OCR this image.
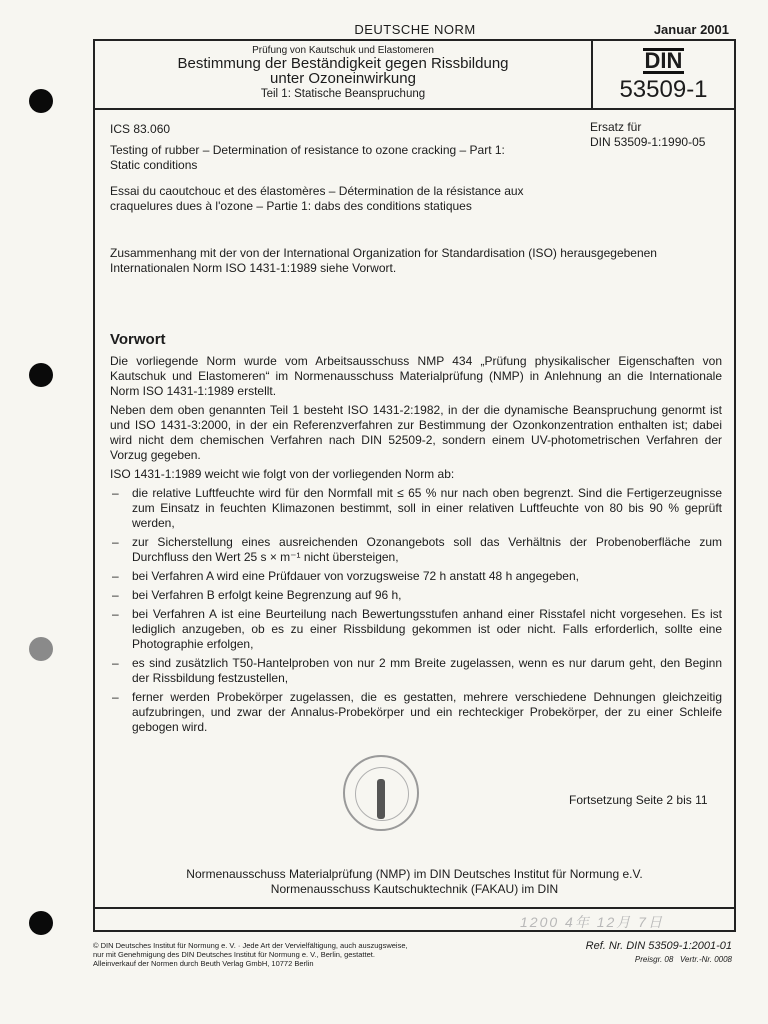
DEUTSCHE NORM	Januar 2001
Prüfung von Kautschuk und Elastomeren
Bestimmung der Beständigkeit gegen Rissbildung
unter Ozoneinwirkung
Teil 1: Statische Beanspruchung
DIN
53509-1
ICS 83.060	Ersatz für
DIN 53509-1:1990-05
Testing of rubber – Determination of resistance to ozone cracking – Part 1: Static conditions
Essai du caoutchouc et des élastomères – Détermination de la résistance aux craquelures dues à l'ozone – Partie 1: dabs des conditions statiques
Zusammenhang mit der von der International Organization for Standardisation (ISO) herausgegebenen Internationalen Norm ISO 1431-1:1989 siehe Vorwort.
Vorwort

Die vorliegende Norm wurde vom Arbeitsausschuss NMP 434 „Prüfung physikalischer Eigenschaften von Kautschuk und Elastomeren“ im Normenausschuss Materialprüfung (NMP) in Anlehnung an die Internationale Norm ISO 1431-1:1989 erstellt.

Neben dem oben genannten Teil 1 besteht ISO 1431-2:1982, in der die dynamische Beanspruchung genormt ist und ISO 1431-3:2000, in der ein Referenzverfahren zur Bestimmung der Ozonkonzentration enthalten ist; dabei wird nicht dem chemischen Verfahren nach DIN 52509-2, sondern einem UV-photometrischen Verfahren der Vorzug gegeben.

ISO 1431-1:1989 weicht wie folgt von der vorliegenden Norm ab:

– die relative Luftfeuchte wird für den Normfall mit ≤ 65 % nur nach oben begrenzt. Sind die Fertigerzeugnisse zum Einsatz in feuchten Klimazonen bestimmt, soll in einer relativen Luftfeuchte von 80 bis 90 % geprüft werden,
– zur Sicherstellung eines ausreichenden Ozonangebots soll das Verhältnis der Probenoberfläche zum Durchfluss den Wert 25 s × m⁻¹ nicht übersteigen,
– bei Verfahren A wird eine Prüfdauer von vorzugsweise 72 h anstatt 48 h angegeben,
– bei Verfahren B erfolgt keine Begrenzung auf 96 h,
– bei Verfahren A ist eine Beurteilung nach Bewertungsstufen anhand einer Risstafel nicht vorgesehen. Es ist lediglich anzugeben, ob es zu einer Rissbildung gekommen ist oder nicht. Falls erforderlich, sollte eine Photographie erfolgen,
– es sind zusätzlich T50-Hantelproben von nur 2 mm Breite zugelassen, wenn es nur darum geht, den Beginn der Rissbildung festzustellen,
– ferner werden Probekörper zugelassen, die es gestatten, mehrere verschiedene Dehnungen gleichzeitig aufzubringen, und zwar der Annalus-Probekörper und ein rechteckiger Probekörper, der zu einer Schleife gebogen wird.
Fortsetzung Seite 2 bis 11
Normenausschuss Materialprüfung (NMP) im DIN Deutsches Institut für Normung e.V.
Normenausschuss Kautschuktechnik (FAKAU) im DIN
1200 4年 12月 7日
© DIN Deutsches Institut für Normung e. V. · Jede Art der Vervielfältigung, auch auszugsweise,
nur mit Genehmigung des DIN Deutsches Institut für Normung e. V., Berlin, gestattet.
Alleinverkauf der Normen durch Beuth Verlag GmbH, 10772 Berlin
Ref. Nr. DIN 53509-1:2001-01
Preisgr. 08 Vertr.-Nr. 0008
